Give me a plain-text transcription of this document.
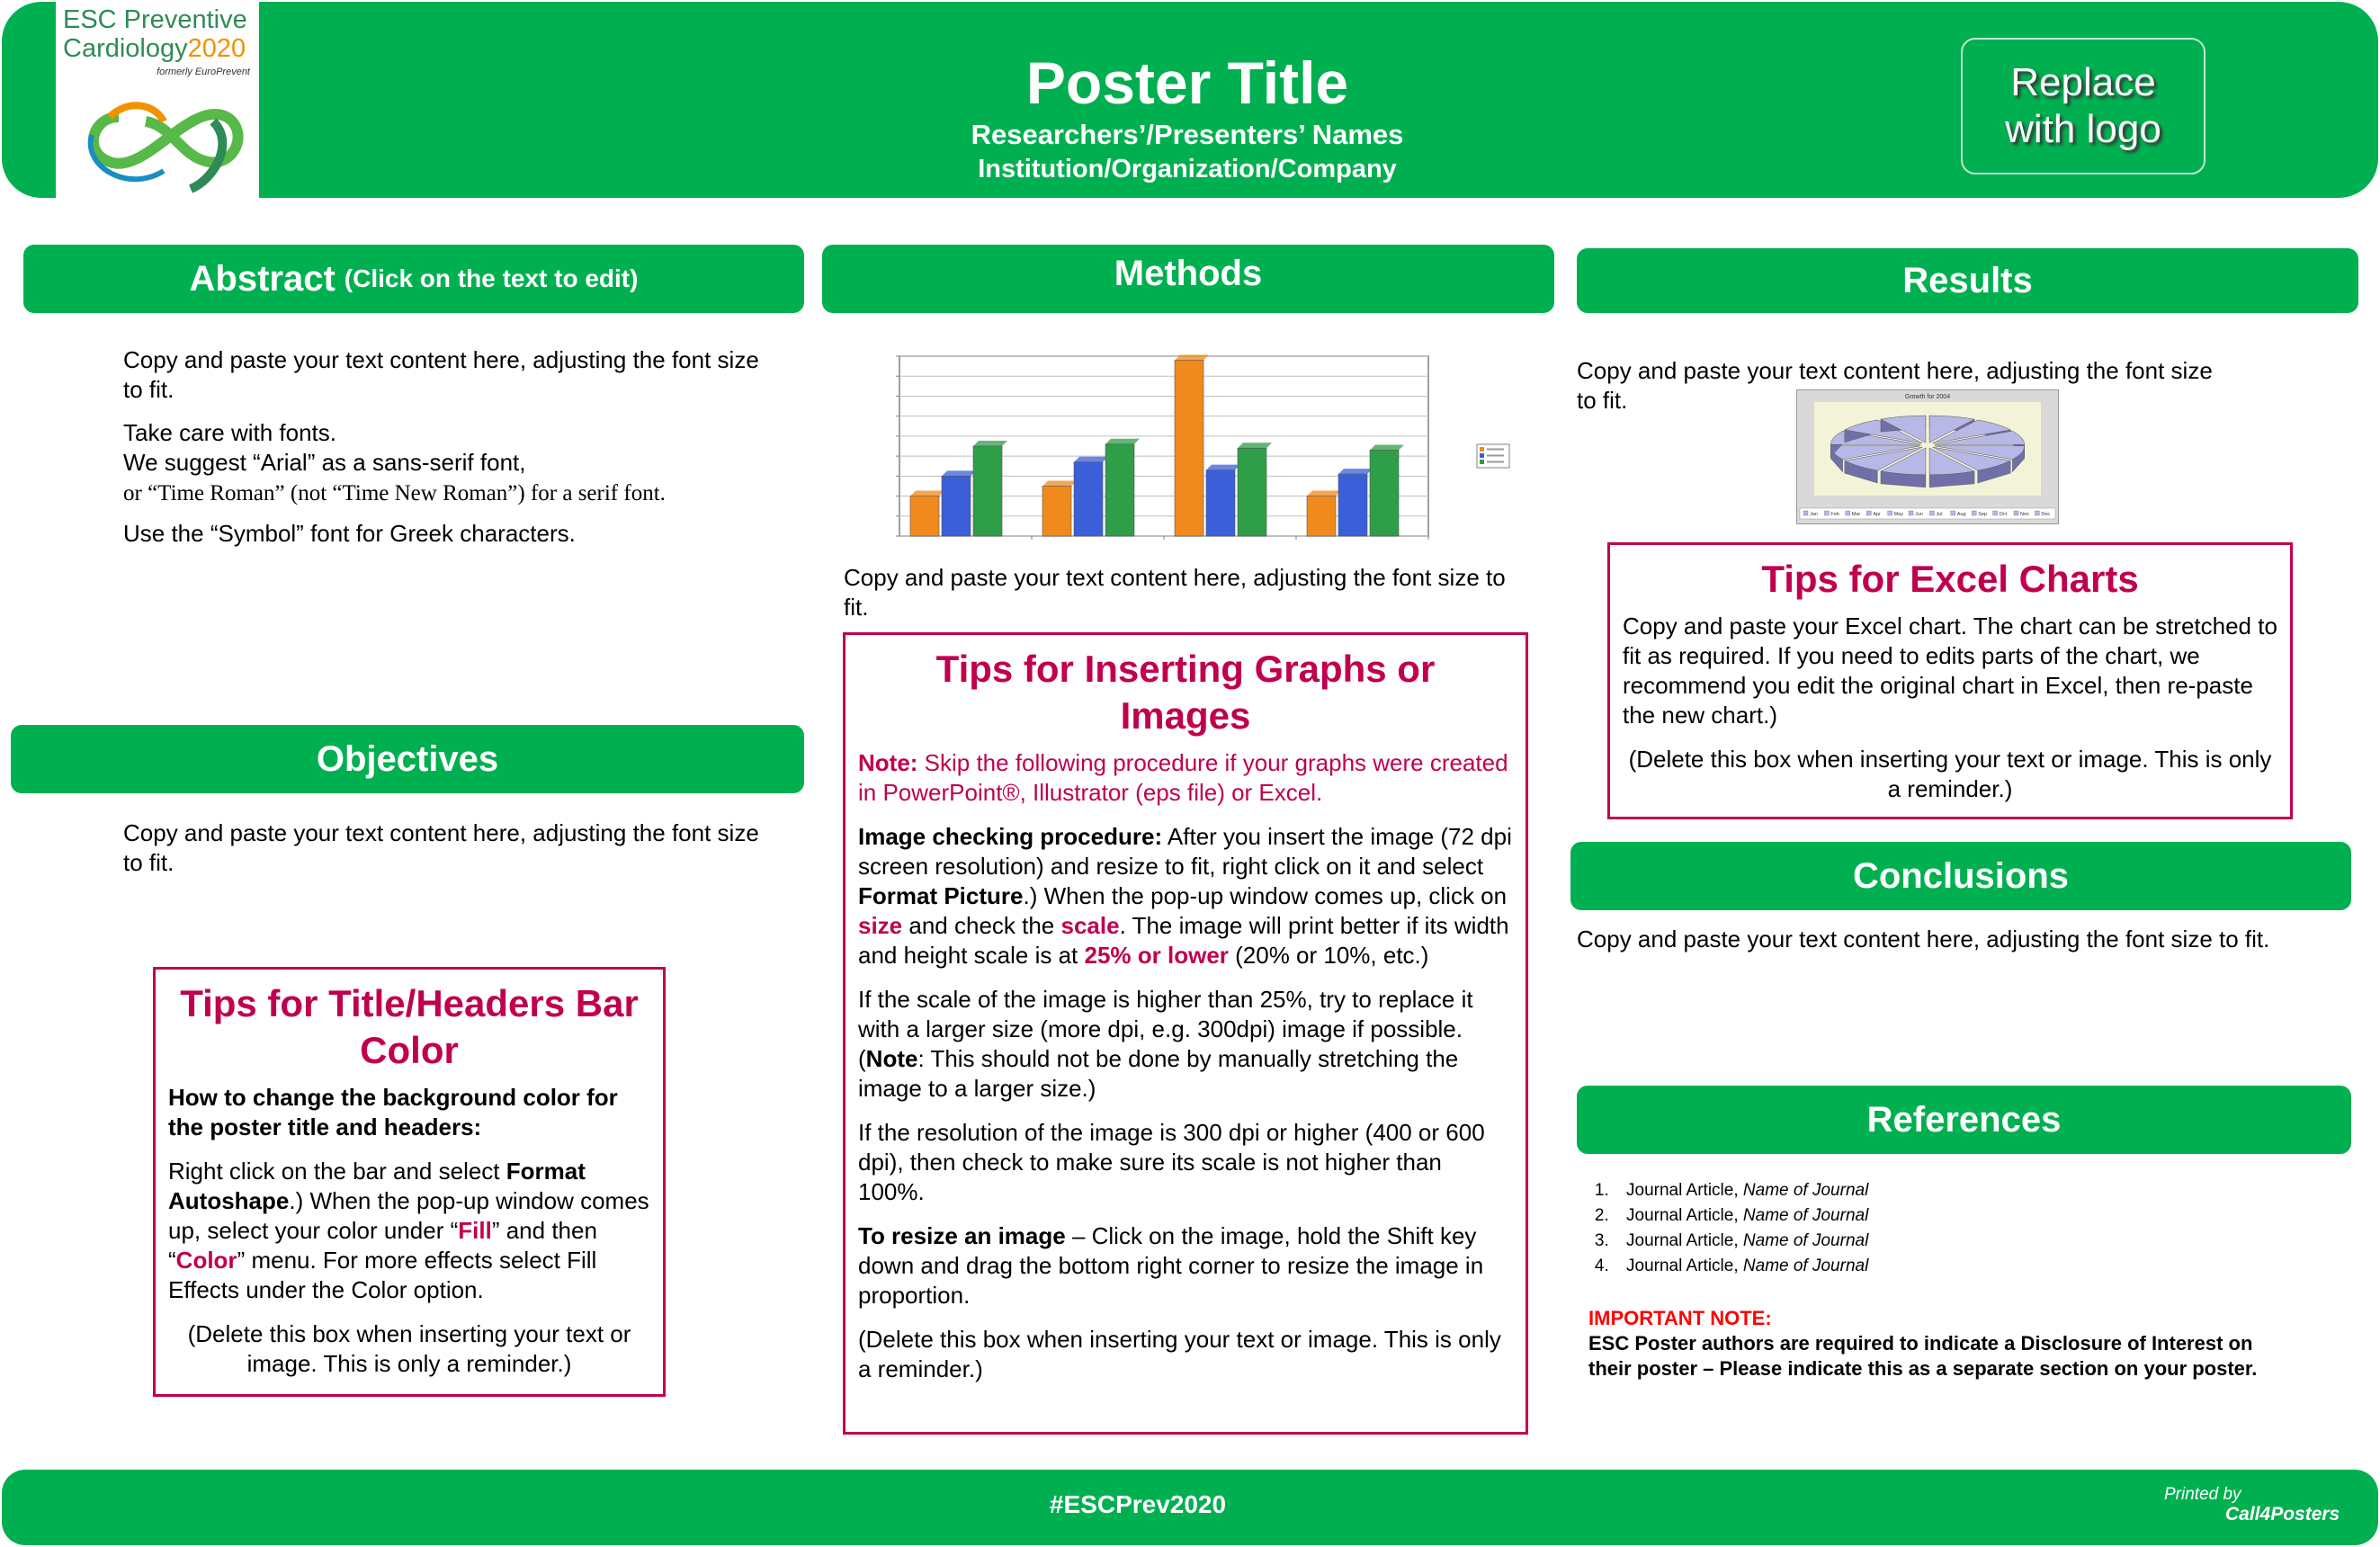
ESC Preventive
Cardiology2020
formerly EuroPrevent	Poster Title
Researchers’/Presenters’ Names
Institution/Organization/Company
Replace
with logo
Abstract (Click on the text to edit)

Copy and paste your text content here, adjusting the font size to fit.

Take care with fonts.
We suggest “Arial” as a sans-serif font,
or “Time Roman” (not “Time New Roman”) for a serif font.

Use the “Symbol” font for Greek characters.

Objectives

Copy and paste your text content here, adjusting the font size to fit.

Tips for Title/Headers Bar Color

How to change the background color for the poster title and headers:

Right click on the bar and select Format Autoshape.) When the pop-up window comes up, select your color under “Fill” and then “Color” menu. For more effects select Fill Effects under the Color option.

(Delete this box when inserting your text or image. This is only a reminder.)

Methods

Copy and paste your text content here, adjusting the font size to fit.

Tips for Inserting Graphs or Images

Note: Skip the following procedure if your graphs were created in PowerPoint®, Illustrator (eps file) or Excel.

Image checking procedure: After you insert the image (72 dpi screen resolution) and resize to fit, right click on it and select Format Picture.) When the pop-up window comes up, click on size and check the scale. The image will print better if its width and height scale is at 25% or lower (20% or 10%, etc.)

If the scale of the image is higher than 25%, try to replace it with a larger size (more dpi, e.g. 300dpi) image if possible. (Note: This should not be done by manually stretching the image to a larger size.)

If the resolution of the image is 300 dpi or higher (400 or 600 dpi), then check to make sure its scale is not higher than 100%.

To resize an image – Click on the image, hold the Shift key down and drag the bottom right corner to resize the image in proportion.

(Delete this box when inserting your text or image. This is only a reminder.)

Results

Copy and paste your text content here, adjusting the font size to fit.	Growth for 2004
Jan	Feb	Mar	Apr	May Jun	Jul	Aug Sep Oct	Nov Dec
Tips for Excel Charts

Copy and paste your Excel chart. The chart can be stretched to fit as required. If you need to edits parts of the chart, we recommend you edit the original chart in Excel, then re-paste the new chart.)

(Delete this box when inserting your text or image. This is only a reminder.)

Conclusions

Copy and paste your text content here, adjusting the font size to fit.

References
1. Journal Article, Name of Journal
2. Journal Article, Name of Journal
3. Journal Article, Name of Journal
4. Journal Article, Name of Journal
IMPORTANT NOTE:
ESC Poster authors are required to indicate a Disclosure of Interest on their poster – Please indicate this as a separate section on your poster.
#ESCPrev2020	Printed by
Call4Posters
